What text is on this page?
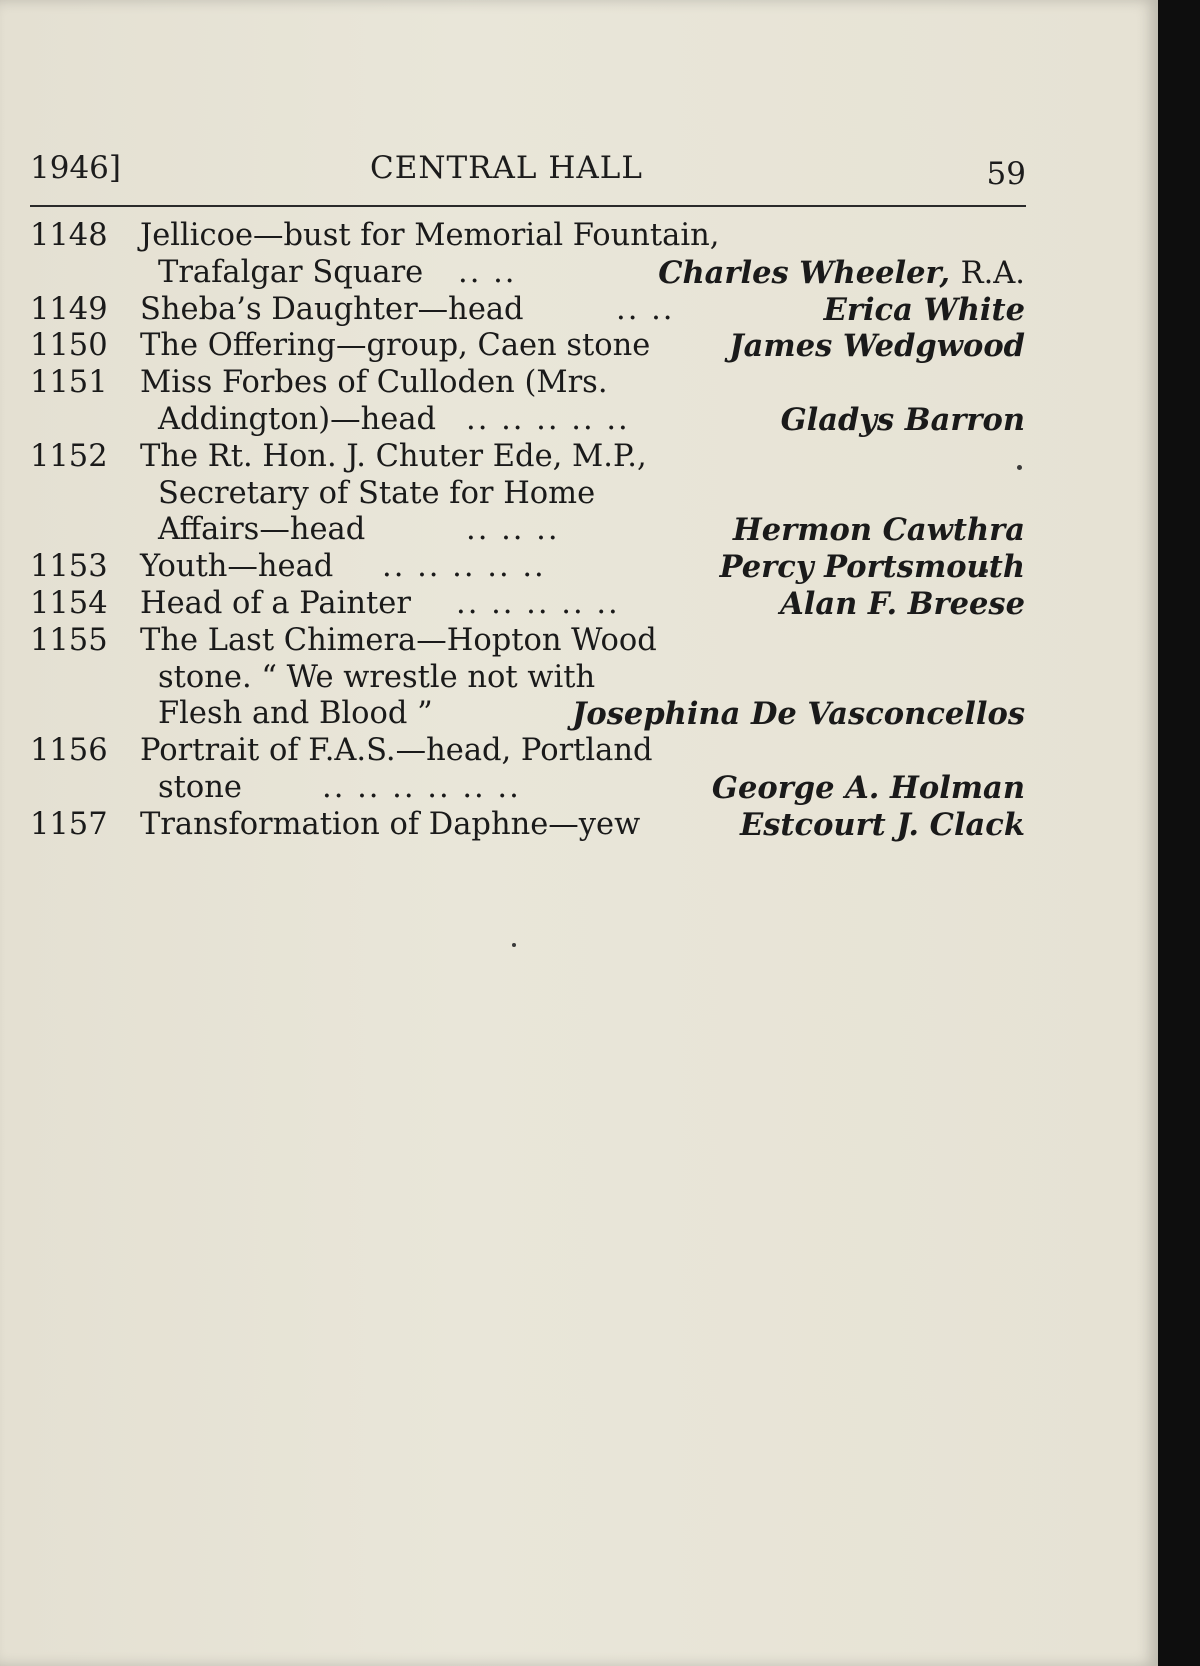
1946]	CENTRAL HALL	59
1148 Jellicoe—bust for Memorial Fountain,
Trafalgar Square .. ..	Charles Wheeler, R.A.
1149 Sheba’s Daughter—head	.. ..	Erica White
1150 The Offering—group, Caen stone	James Wedgwood
1151 Miss Forbes of Culloden (Mrs.
Addington)—head .. .. .. .. ..	Gladys Barron
1152 The Rt. Hon. J. Chuter Ede, M.P.,
Secretary of State for Home
Affairs—head	.. .. ..	Hermon Cawthra
1153 Youth—head .. .. .. .. ..	Percy Portsmouth
1154 Head of a Painter .. .. .. .. ..	Alan F. Breese
1155 The Last Chimera—Hopton Wood
stone. “ We wrestle not with
Flesh and Blood ”	Josephina De Vasconcellos
1156 Portrait of F.A.S.—head, Portland
stone	.. .. .. .. .. ..	George A. Holman
1157 Transformation of Daphne—yew	Estcourt J. Clack
